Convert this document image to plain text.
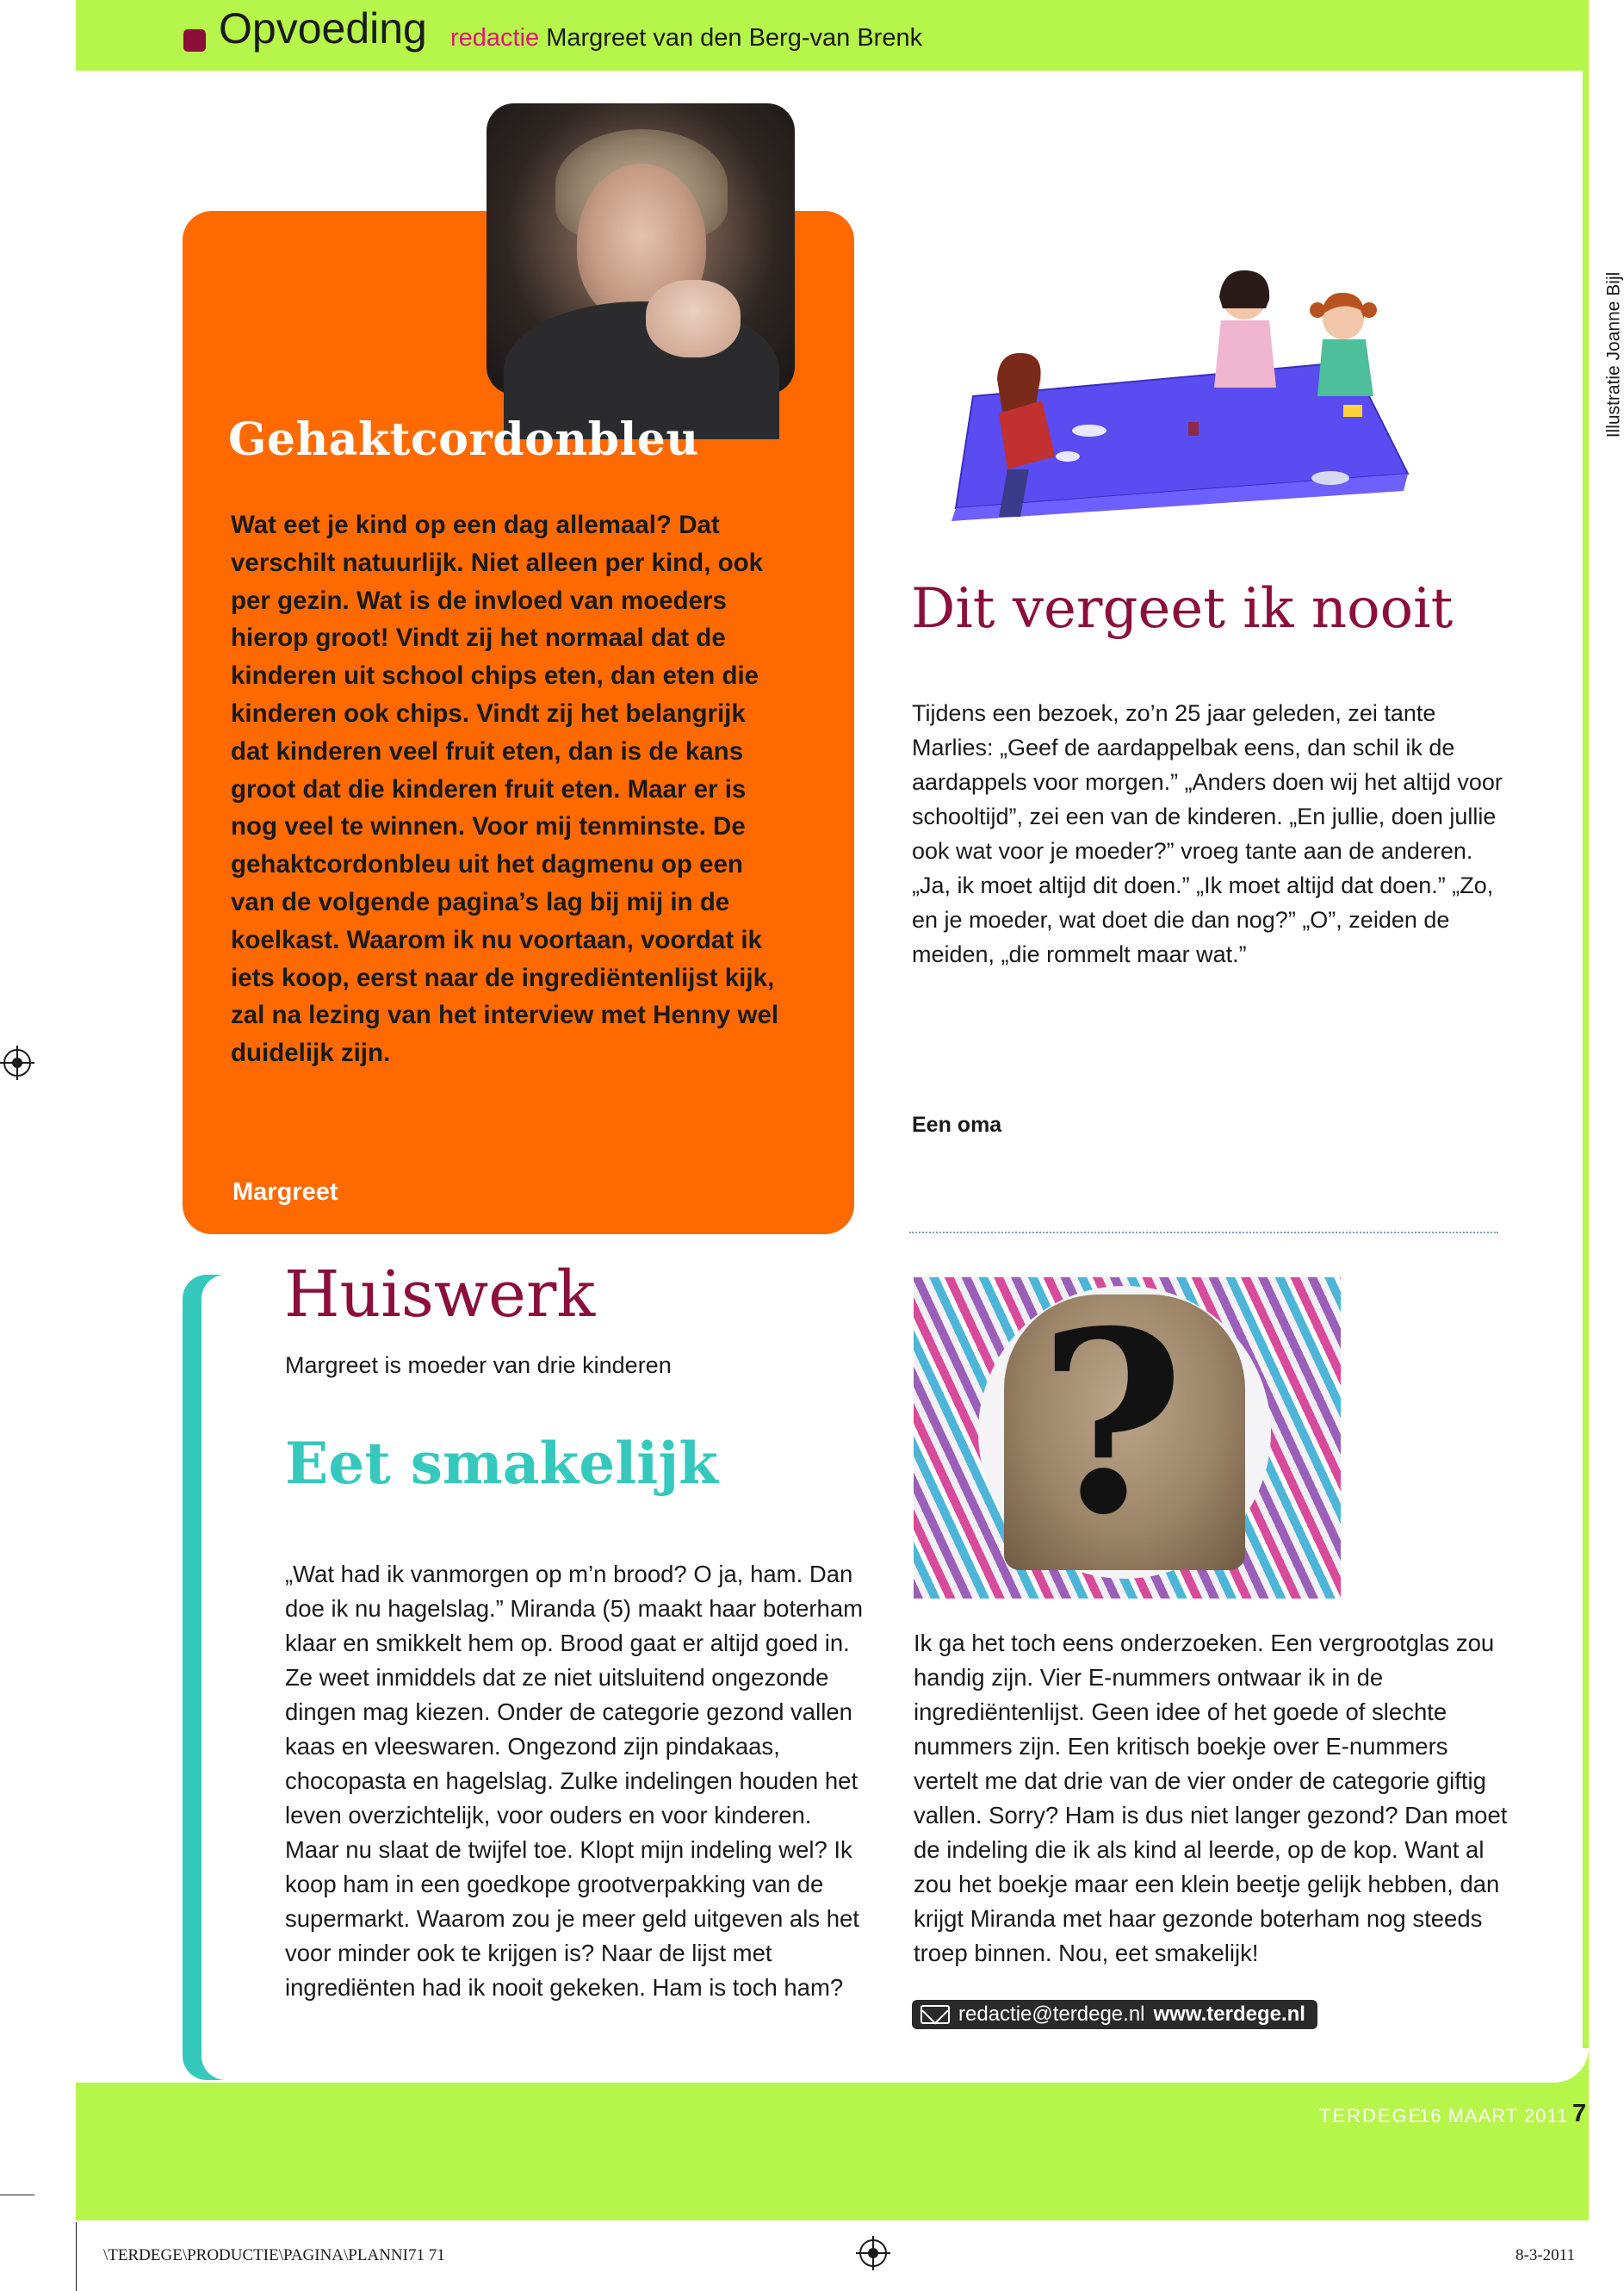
Opvoeding redactie Margreet van den Berg-van Brenk
Gehaktcordonbleu
Wat eet je kind op een dag allemaal? Dat verschilt natuurlijk. Niet alleen per kind, ook per gezin. Wat is de invloed van moeders hierop groot! Vindt zij het normaal dat de kinderen uit school chips eten, dan eten die kinderen ook chips. Vindt zij het belangrijk dat kinderen veel fruit eten, dan is de kans groot dat die kinderen fruit eten. Maar er is nog veel te winnen. Voor mij tenminste. De gehaktcordonbleu uit het dagmenu op een van de volgende pagina’s lag bij mij in de koelkast. Waarom ik nu voortaan, voordat ik iets koop, eerst naar de ingrediëntenlijst kijk, zal na lezing van het interview met Henny wel duidelijk zijn.
Margreet
Illustratie Joanne Bijl
Dit vergeet ik nooit
Tijdens een bezoek, zo’n 25 jaar geleden, zei tante Marlies: „Geef de aardappelbak eens, dan schil ik de aardappels voor morgen.” „Anders doen wij het altijd voor schooltijd”, zei een van de kinderen. „En jullie, doen jullie ook wat voor je moeder?” vroeg tante aan de anderen. „Ja, ik moet altijd dit doen.” „Ik moet altijd dat doen.” „Zo, en je moeder, wat doet die dan nog?” „O”, zeiden de meiden, „die rommelt maar wat.”
Een oma
Huiswerk
Margreet is moeder van drie kinderen
Eet smakelijk
„Wat had ik vanmorgen op m’n brood? O ja, ham. Dan doe ik nu hagelslag.” Miranda (5) maakt haar boterham klaar en smikkelt hem op. Brood gaat er altijd goed in. Ze weet inmiddels dat ze niet uitsluitend ongezonde dingen mag kiezen. Onder de categorie gezond vallen kaas en vleeswaren. Ongezond zijn pindakaas, chocopasta en hagelslag. Zulke indelingen houden het leven overzichtelijk, voor ouders en voor kinderen.
Maar nu slaat de twijfel toe. Klopt mijn indeling wel? Ik koop ham in een goedkope grootverpakking van de supermarkt. Waarom zou je meer geld uitgeven als het voor minder ook te krijgen is? Naar de lijst met ingrediënten had ik nooit gekeken. Ham is toch ham?
?
Ik ga het toch eens onderzoeken. Een vergrootglas zou handig zijn. Vier E-nummers ontwaar ik in de ingrediëntenlijst. Geen idee of het goede of slechte nummers zijn. Een kritisch boekje over E-nummers vertelt me dat drie van de vier onder de categorie giftig vallen. Sorry? Ham is dus niet langer gezond? Dan moet de indeling die ik als kind al leerde, op de kop. Want al zou het boekje maar een klein beetje gelijk hebben, dan krijgt Miranda met haar gezonde boterham nog steeds troep binnen. Nou, eet smakelijk!
redactie@terdege.nl www.terdege.nl
TERDEGE
16 MAART 2011 7
\TERDEGE\PRODUCTIE\PAGINA\PLANNI71 71	8-3-2011
